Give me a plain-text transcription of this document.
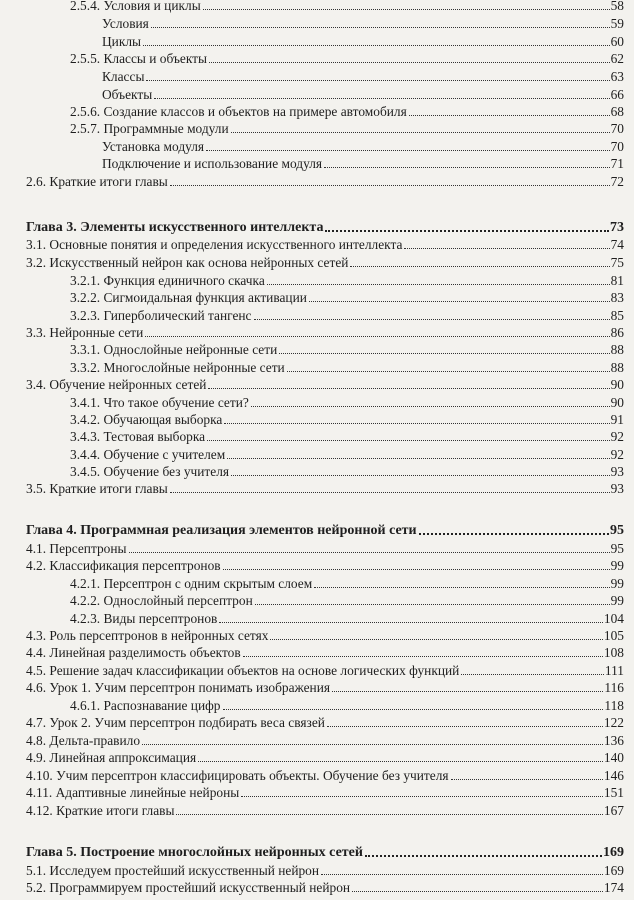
2.5.4. Условия и циклы	58
Условия	59
Циклы	60
2.5.5. Классы и объекты	62
Классы	63
Объекты	66
2.5.6. Создание классов и объектов на примере автомобиля	68
2.5.7. Программные модули	70
Установка модуля	70
Подключение и использование модуля	71
2.6. Краткие итоги главы	72
Глава 3. Элементы искусственного интеллекта	73
3.1. Основные понятия и определения искусственного интеллекта	74
3.2. Искусственный нейрон как основа нейронных сетей	75
3.2.1. Функция единичного скачка	81
3.2.2. Сигмоидальная функция активации	83
3.2.3. Гиперболический тангенс	85
3.3. Нейронные сети	86
3.3.1. Однослойные нейронные сети	88
3.3.2. Многослойные нейронные сети	88
3.4. Обучение нейронных сетей	90
3.4.1. Что такое обучение сети?	90
3.4.2. Обучающая выборка	91
3.4.3. Тестовая выборка	92
3.4.4. Обучение с учителем	92
3.4.5. Обучение без учителя	93
3.5. Краткие итоги главы	93
Глава 4. Программная реализация элементов нейронной сети	95
4.1. Персептроны	95
4.2. Классификация персептронов	99
4.2.1. Персептрон с одним скрытым слоем	99
4.2.2. Однослойный персептрон	99
4.2.3. Виды персептронов	104
4.3. Роль персептронов в нейронных сетях	105
4.4. Линейная разделимость объектов	108
4.5. Решение задач классификации объектов на основе логических функций	111
4.6. Урок 1. Учим персептрон понимать изображения	116
4.6.1. Распознавание цифр	118
4.7. Урок 2. Учим персептрон подбирать веса связей	122
4.8. Дельта-правило	136
4.9. Линейная аппроксимация	140
4.10. Учим персептрон классифицировать объекты. Обучение без учителя	146
4.11. Адаптивные линейные нейроны	151
4.12. Краткие итоги главы	167
Глава 5. Построение многослойных нейронных сетей	169
5.1. Исследуем простейший искусственный нейрон	169
5.2. Программируем простейший искусственный нейрон	174
